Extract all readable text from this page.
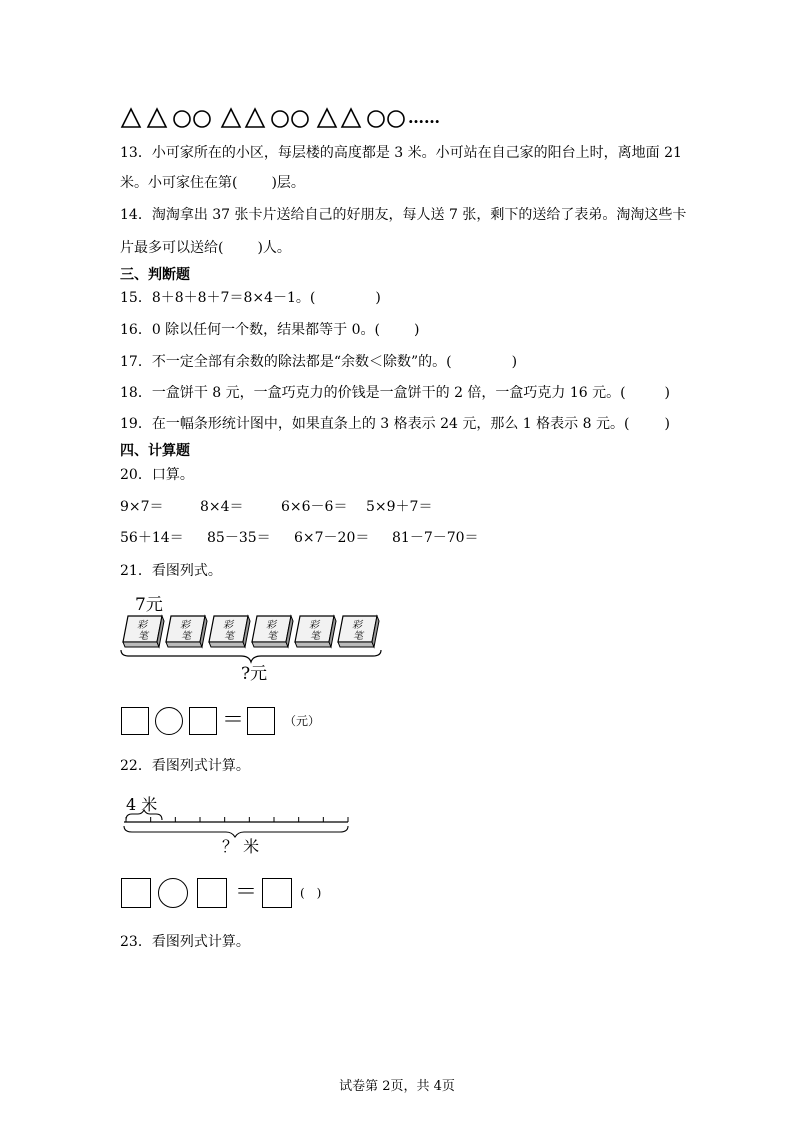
……
13．小可家所在的小区，每层楼的高度都是 3 米。小可站在自己家的阳台上时，离地面 21
米。小可家住在第( )层。
14．淘淘拿出 37 张卡片送给自己的好朋友，每人送 7 张，剩下的送给了表弟。淘淘这些卡
片最多可以送给( )人。
三、判断题
15．8＋8＋8＋7＝8×4－1。(	)
16．0 除以任何一个数，结果都等于 0。( )
17．不一定全部有余数的除法都是“余数＜除数”的。(	)
18．一盒饼干 8 元，一盒巧克力的价钱是一盒饼干的 2 倍，一盒巧克力 16 元。(	)
19．在一幅条形统计图中，如果直条上的 3 格表示 24 元，那么 1 格表示 8 元。(	)
四、计算题
20．口算。
9×7＝	8×4＝	6×6－6＝ 5×9＋7＝
56＋14＝ 85－35＝ 6×7－20＝ 81－7－70＝
21．看图列式。
7元
彩
笔
彩
笔
彩
笔
彩
笔
彩
笔
彩
笔
?元
＝	（元）
22．看图列式计算。
4 米
？ 米
＝	(　)
23．看图列式计算。
试卷第 2页，共 4页
